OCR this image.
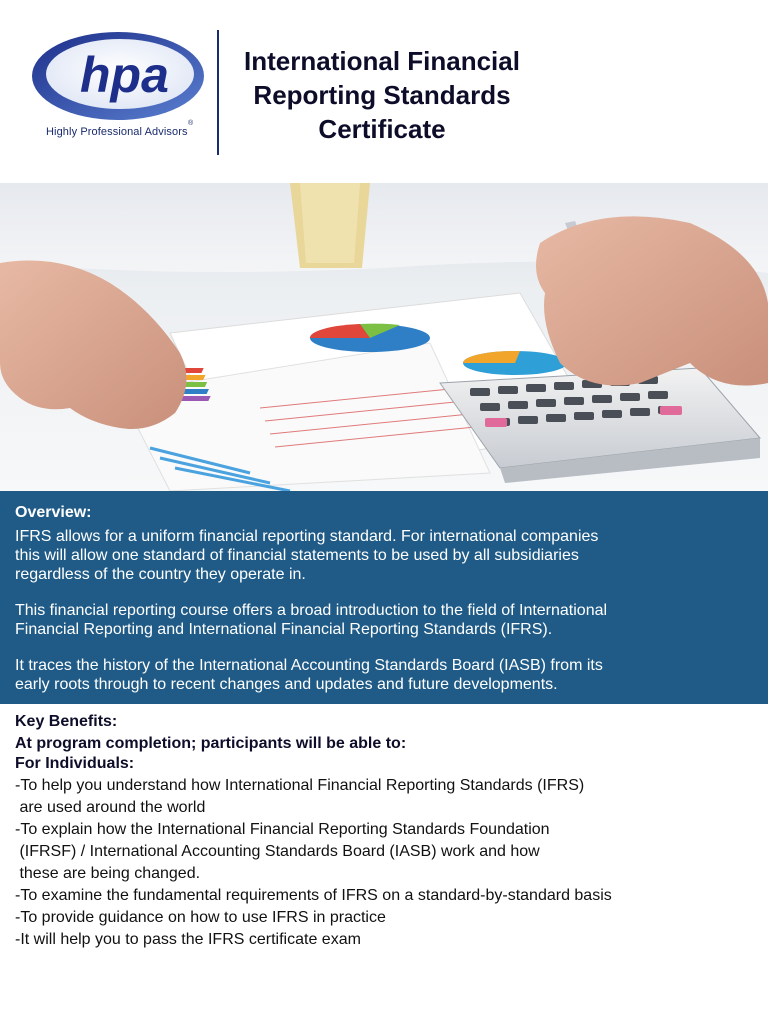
hpa
Highly Professional Advisors
®
International Financial
Reporting Standards
Certificate
Overview:
IFRS allows for a uniform financial reporting standard. For international companies
this will allow one standard of financial statements to be used by all subsidiaries
regardless of the country they operate in.
This financial reporting course offers a broad introduction to the field of International
Financial Reporting and International Financial Reporting Standards (IFRS).
It traces the history of the International Accounting Standards Board (IASB) from its
early roots through to recent changes and updates and future developments.
Key Benefits:
At program completion; participants will be able to:
For Individuals:
-To help you understand how International Financial Reporting Standards (IFRS)
are used around the world
-To explain how the International Financial Reporting Standards Foundation
(IFRSF) / International Accounting Standards Board (IASB) work and how
these are being changed.
-To examine the fundamental requirements of IFRS on a standard-by-standard basis
-To provide guidance on how to use IFRS in practice
-It will help you to pass the IFRS certificate exam
